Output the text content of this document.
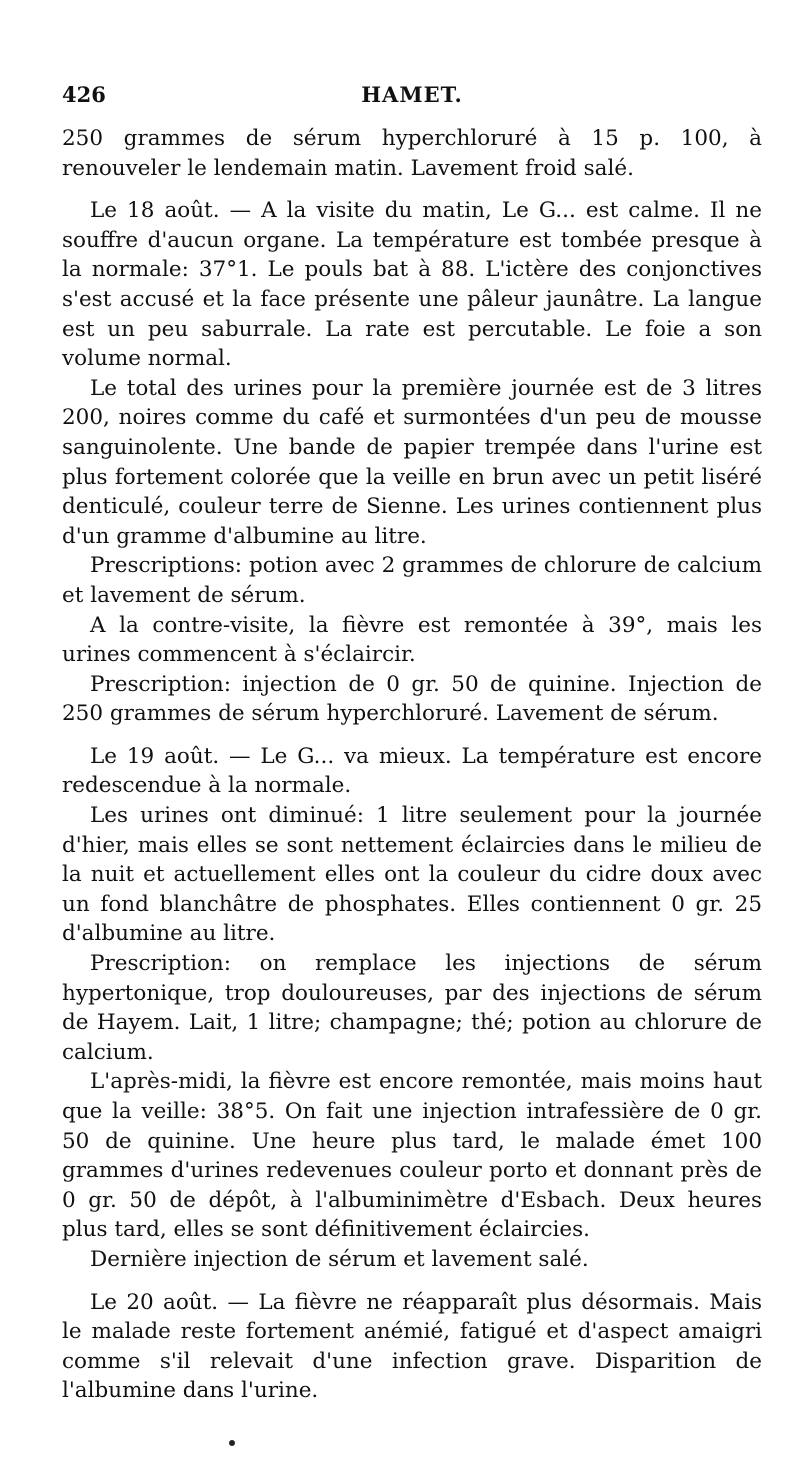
426	HAMET.

250 grammes de sérum hyperchloruré à 15 p. 100, à renouveler le lendemain matin. Lavement froid salé.

Le 18 août. — A la visite du matin, Le G... est calme. Il ne souffre d'aucun organe. La température est tombée presque à la normale: 37°1. Le pouls bat à 88. L'ictère des conjonctives s'est accusé et la face présente une pâleur jaunâtre. La langue est un peu saburrale. La rate est percutable. Le foie a son volume normal.

Le total des urines pour la première journée est de 3 litres 200, noires comme du café et surmontées d'un peu de mousse sanguinolente. Une bande de papier trempée dans l'urine est plus fortement colorée que la veille en brun avec un petit liséré denticulé, couleur terre de Sienne. Les urines contiennent plus d'un gramme d'albumine au litre.

Prescriptions: potion avec 2 grammes de chlorure de calcium et lavement de sérum.

A la contre-visite, la fièvre est remontée à 39°, mais les urines commencent à s'éclaircir.

Prescription: injection de 0 gr. 50 de quinine. Injection de 250 grammes de sérum hyperchloruré. Lavement de sérum.

Le 19 août. — Le G... va mieux. La température est encore redescendue à la normale.

Les urines ont diminué: 1 litre seulement pour la journée d'hier, mais elles se sont nettement éclaircies dans le milieu de la nuit et actuellement elles ont la couleur du cidre doux avec un fond blanchâtre de phosphates. Elles contiennent 0 gr. 25 d'albumine au litre.

Prescription: on remplace les injections de sérum hypertonique, trop douloureuses, par des injections de sérum de Hayem. Lait, 1 litre; champagne; thé; potion au chlorure de calcium.

L'après-midi, la fièvre est encore remontée, mais moins haut que la veille: 38°5. On fait une injection intrafessière de 0 gr. 50 de quinine. Une heure plus tard, le malade émet 100 grammes d'urines redevenues couleur porto et donnant près de 0 gr. 50 de dépôt, à l'albuminimètre d'Esbach. Deux heures plus tard, elles se sont définitivement éclaircies.

Dernière injection de sérum et lavement salé.

Le 20 août. — La fièvre ne réapparaît plus désormais. Mais le malade reste fortement anémié, fatigué et d'aspect amaigri comme s'il relevait d'une infection grave. Disparition de l'albumine dans l'urine.
